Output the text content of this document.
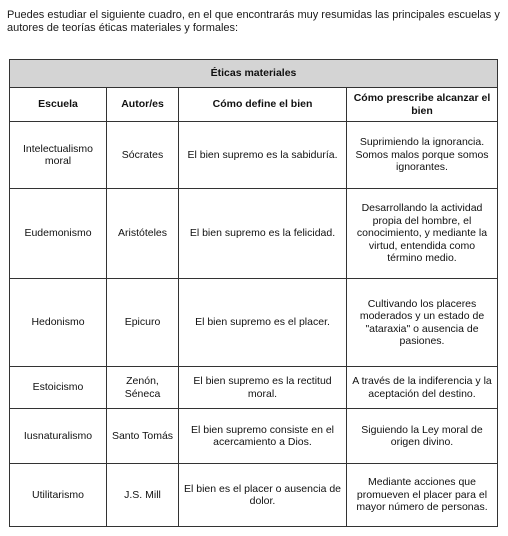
Puedes estudiar el siguiente cuadro, en el que encontrarás muy resumidas las principales escuelas y autores de teorías éticas materiales y formales:

Éticas materiales			
Escuela	Autor/es	Cómo define el bien	Cómo prescribe alcanzar el bien
Intelectualismo moral	Sócrates	El bien supremo es la sabiduría.	Suprimiendo la ignorancia. Somos malos porque somos ignorantes.
Eudemonismo	Aristóteles	El bien supremo es la felicidad.	Desarrollando la actividad propia del hombre, el conocimiento, y mediante la virtud, entendida como término medio.
Hedonismo	Epicuro	El bien supremo es el placer.	Cultivando los placeres moderados y un estado de "ataraxia" o ausencia de pasiones.
Estoicismo	Zenón, Séneca	El bien supremo es la rectitud moral.	A través de la indiferencia y la aceptación del destino.
Iusnaturalismo	Santo Tomás	El bien supremo consiste en el acercamiento a Dios.	Siguiendo la Ley moral de origen divino.
Utilitarismo	J.S. Mill	El bien es el placer o ausencia de dolor.	Mediante acciones que promueven el placer para el mayor número de personas.
